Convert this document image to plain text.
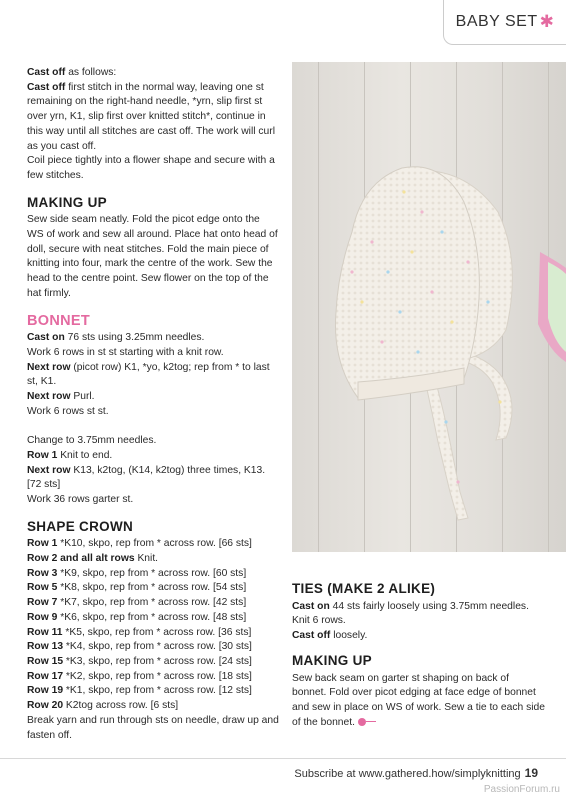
BABY SET ✱

Cast off as follows:

Cast off first stitch in the normal way, leaving one st remaining on the right-hand needle, *yrn, slip first st over yrn, K1, slip first over knitted stitch*, continue in this way until all stitches are cast off. The work will curl as you cast off.

Coil piece tightly into a flower shape and secure with a few stitches.

MAKING UP

Sew side seam neatly. Fold the picot edge onto the WS of work and sew all around. Place hat onto head of doll, secure with neat stitches. Fold the main piece of knitting into four, mark the centre of the work. Sew the head to the centre point. Sew flower on the top of the hat firmly.

BONNET

Cast on 76 sts using 3.25mm needles.

Work 6 rows in st st starting with a knit row.

Next row (picot row) K1, *yo, k2tog; rep from * to last st, K1.

Next row Purl.

Work 6 rows st st.

Change to 3.75mm needles.

Row 1 Knit to end.

Next row K13, k2tog, (K14, k2tog) three times, K13. [72 sts]

Work 36 rows garter st.

SHAPE CROWN

Row 1 *K10, skpo, rep from * across row. [66 sts]

Row 2 and all alt rows Knit.

Row 3 *K9, skpo, rep from * across row. [60 sts]

Row 5 *K8, skpo, rep from * across row. [54 sts]

Row 7 *K7, skpo, rep from * across row. [42 sts]

Row 9 *K6, skpo, rep from * across row. [48 sts]

Row 11 *K5, skpo, rep from * across row. [36 sts]

Row 13 *K4, skpo, rep from * across row. [30 sts]

Row 15 *K3, skpo, rep from * across row. [24 sts]

Row 17 *K2, skpo, rep from * across row. [18 sts]

Row 19 *K1, skpo, rep from * across row. [12 sts]

Row 20 K2tog across row. [6 sts]

Break yarn and run through sts on needle, draw up and fasten off.

TIES (MAKE 2 ALIKE)

Cast on 44 sts fairly loosely using 3.75mm needles.

Knit 6 rows.

Cast off loosely.

MAKING UP

Sew back seam on garter st shaping on back of bonnet. Fold over picot edging at face edge of bonnet and sew in place on WS of work. Sew a tie to each side of the bonnet.

Subscribe at www.gathered.how/simplyknitting 19
PassionForum.ru
